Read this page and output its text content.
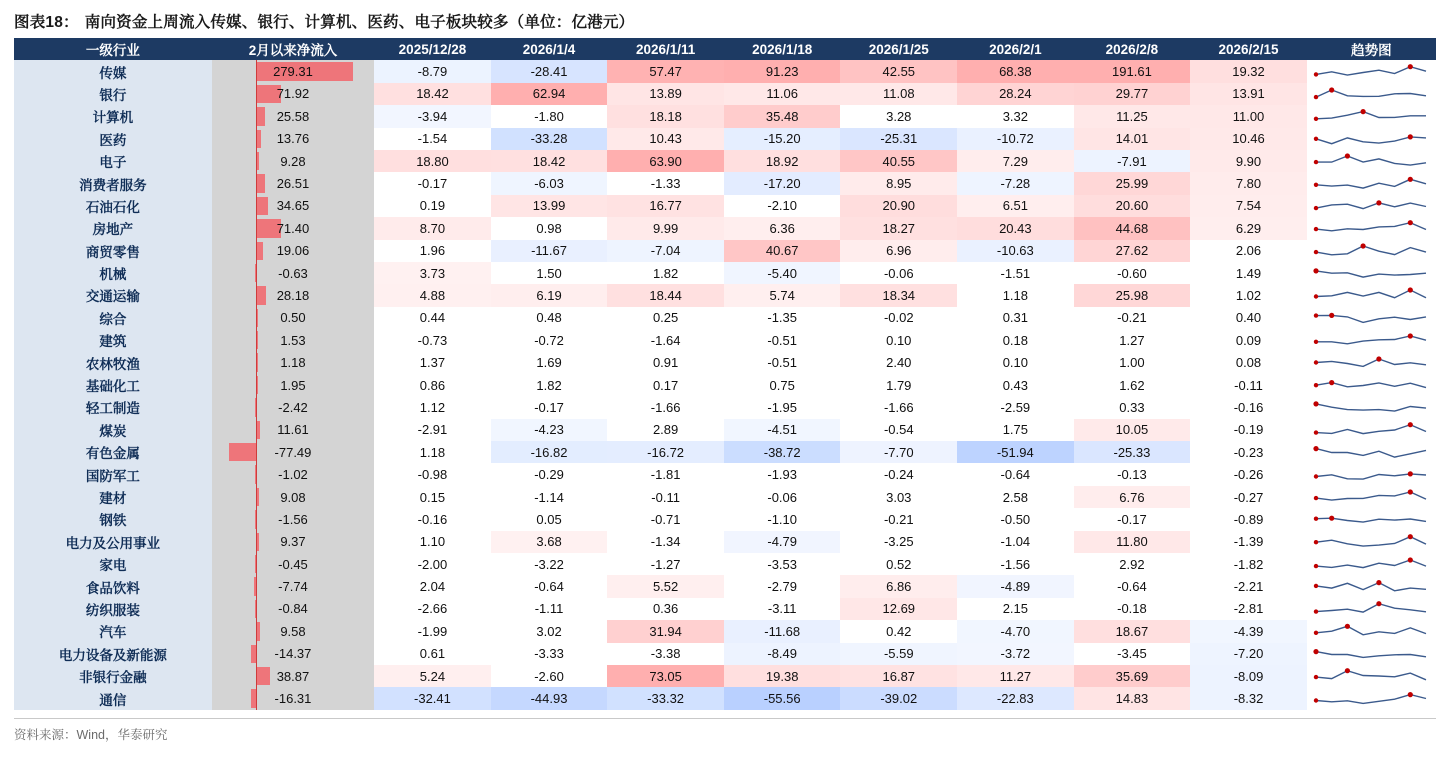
图表18： 南向资金上周流入传媒、银行、计算机、医药、电子板块较多（单位：亿港元）
一级行业	2月以来净流入	2025/12/28	2026/1/4	2026/1/11	2026/1/18	2026/1/25	2026/2/1	2026/2/8	2026/2/15	趋势图
传媒	279.31	-8.79	-28.41	57.47	91.23	42.55	68.38	191.61	19.32	

银行	71.92	18.42	62.94	13.89	11.06	11.08	28.24	29.77	13.91	

计算机	25.58	-3.94	-1.80	18.18	35.48	3.28	3.32	11.25	11.00	

医药	13.76	-1.54	-33.28	10.43	-15.20	-25.31	-10.72	14.01	10.46	

电子	9.28	18.80	18.42	63.90	18.92	40.55	7.29	-7.91	9.90	

消费者服务	26.51	-0.17	-6.03	-1.33	-17.20	8.95	-7.28	25.99	7.80	

石油石化	34.65	0.19	13.99	16.77	-2.10	20.90	6.51	20.60	7.54	

房地产	71.40	8.70	0.98	9.99	6.36	18.27	20.43	44.68	6.29	

商贸零售	19.06	1.96	-11.67	-7.04	40.67	6.96	-10.63	27.62	2.06	

机械	-0.63	3.73	1.50	1.82	-5.40	-0.06	-1.51	-0.60	1.49	

交通运输	28.18	4.88	6.19	18.44	5.74	18.34	1.18	25.98	1.02	

综合	0.50	0.44	0.48	0.25	-1.35	-0.02	0.31	-0.21	0.40	

建筑	1.53	-0.73	-0.72	-1.64	-0.51	0.10	0.18	1.27	0.09	

农林牧渔	1.18	1.37	1.69	0.91	-0.51	2.40	0.10	1.00	0.08	

基础化工	1.95	0.86	1.82	0.17	0.75	1.79	0.43	1.62	-0.11	

轻工制造	-2.42	1.12	-0.17	-1.66	-1.95	-1.66	-2.59	0.33	-0.16	

煤炭	11.61	-2.91	-4.23	2.89	-4.51	-0.54	1.75	10.05	-0.19	

有色金属	-77.49	1.18	-16.82	-16.72	-38.72	-7.70	-51.94	-25.33	-0.23	

国防军工	-1.02	-0.98	-0.29	-1.81	-1.93	-0.24	-0.64	-0.13	-0.26	

建材	9.08	0.15	-1.14	-0.11	-0.06	3.03	2.58	6.76	-0.27	

钢铁	-1.56	-0.16	0.05	-0.71	-1.10	-0.21	-0.50	-0.17	-0.89	

电力及公用事业	9.37	1.10	3.68	-1.34	-4.79	-3.25	-1.04	11.80	-1.39	

家电	-0.45	-2.00	-3.22	-1.27	-3.53	0.52	-1.56	2.92	-1.82	

食品饮料	-7.74	2.04	-0.64	5.52	-2.79	6.86	-4.89	-0.64	-2.21	

纺织服装	-0.84	-2.66	-1.11	0.36	-3.11	12.69	2.15	-0.18	-2.81	

汽车	9.58	-1.99	3.02	31.94	-11.68	0.42	-4.70	18.67	-4.39	

电力设备及新能源	-14.37	0.61	-3.33	-3.38	-8.49	-5.59	-3.72	-3.45	-7.20	

非银行金融	38.87	5.24	-2.60	73.05	19.38	16.87	11.27	35.69	-8.09	

通信	-16.31	-32.41	-44.93	-33.32	-55.56	-39.02	-22.83	14.83	-8.32	
资料来源：Wind，华泰研究
